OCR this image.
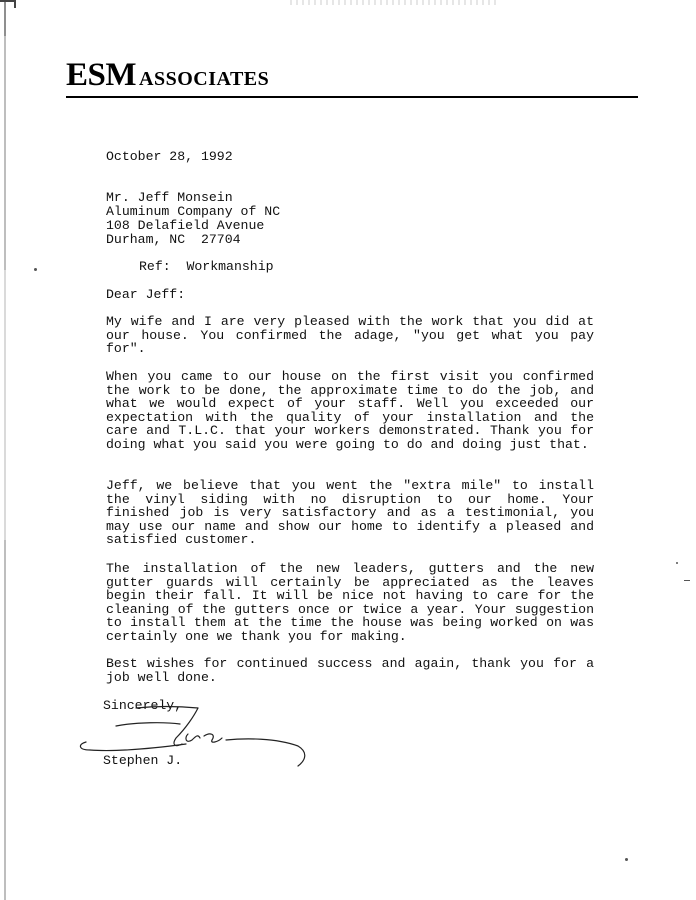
ESM ASSOCIATES
October 28, 1992
Mr. Jeff Monsein
Aluminum Company of NC
108 Delafield Avenue
Durham, NC  27704
Ref:  Workmanship
Dear Jeff:
My wife and I are very pleased with the work that you did at our house. You confirmed the adage, "you get what you pay for".
When you came to our house on the first visit you confirmed the work to be done, the approximate time to do the job, and what we would expect of your staff. Well you exceeded our expectation with the quality of your installation and the care and T.L.C. that your workers demonstrated. Thank you for doing what you said you were going to do and doing just that.
Jeff, we believe that you went the "extra mile" to install the vinyl siding with no disruption to our home. Your finished job is very satisfactory and as a testimonial, you may use our name and show our home to identify a pleased and satisfied customer.
The installation of the new leaders, gutters and the new gutter guards will certainly be appreciated as the leaves begin their fall. It will be nice not having to care for the cleaning of the gutters once or twice a year. Your suggestion to install them at the time the house was being worked on was certainly one we thank you for making.
Best wishes for continued success and again, thank you for a job well done.
Sincerely,
Stephen J.
